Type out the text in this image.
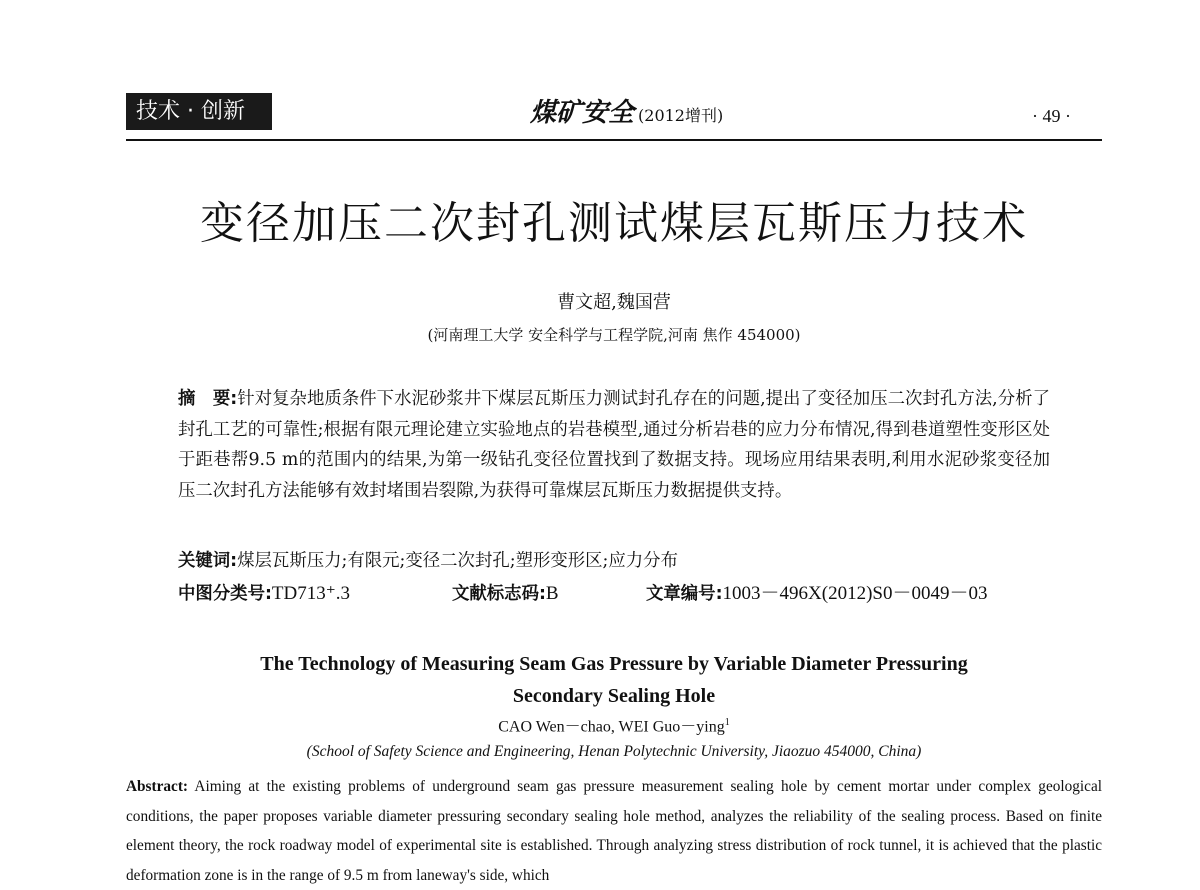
技术 · 创新	煤矿安全 (2012增刊)	· 49 ·
变径加压二次封孔测试煤层瓦斯压力技术
曹文超,魏国营
(河南理工大学 安全科学与工程学院,河南 焦作 454000)

摘　要:针对复杂地质条件下水泥砂浆井下煤层瓦斯压力测试封孔存在的问题,提出了变径加压二次封孔方法,分析了封孔工艺的可靠性;根据有限元理论建立实验地点的岩巷模型,通过分析岩巷的应力分布情况,得到巷道塑性变形区处于距巷帮9.5 m的范围内的结果,为第一级钻孔变径位置找到了数据支持。现场应用结果表明,利用水泥砂浆变径加压二次封孔方法能够有效封堵围岩裂隙,为获得可靠煤层瓦斯压力数据提供支持。

关键词:煤层瓦斯压力;有限元;变径二次封孔;塑形变形区;应力分布
中图分类号:TD713⁺.3	文献标志码:B	文章编号:1003－496X(2012)S0－0049－03

The Technology of Measuring Seam Gas Pressure by Variable Diameter Pressuring
Secondary Sealing Hole

CAO Wen－chao, WEI Guo－ying$^1$
(School of Safety Science and Engineering, Henan Polytechnic University, Jiaozuo 454000, China)

Abstract: Aiming at the existing problems of underground seam gas pressure measurement sealing hole by cement mortar under complex geological conditions, the paper proposes variable diameter pressuring secondary sealing hole method, analyzes the reliability of the sealing process. Based on finite element theory, the rock roadway model of experimental site is established. Through analyzing stress distribution of rock tunnel, it is achieved that the plastic deformation zone is in the range of 9.5 m from laneway's side, which
